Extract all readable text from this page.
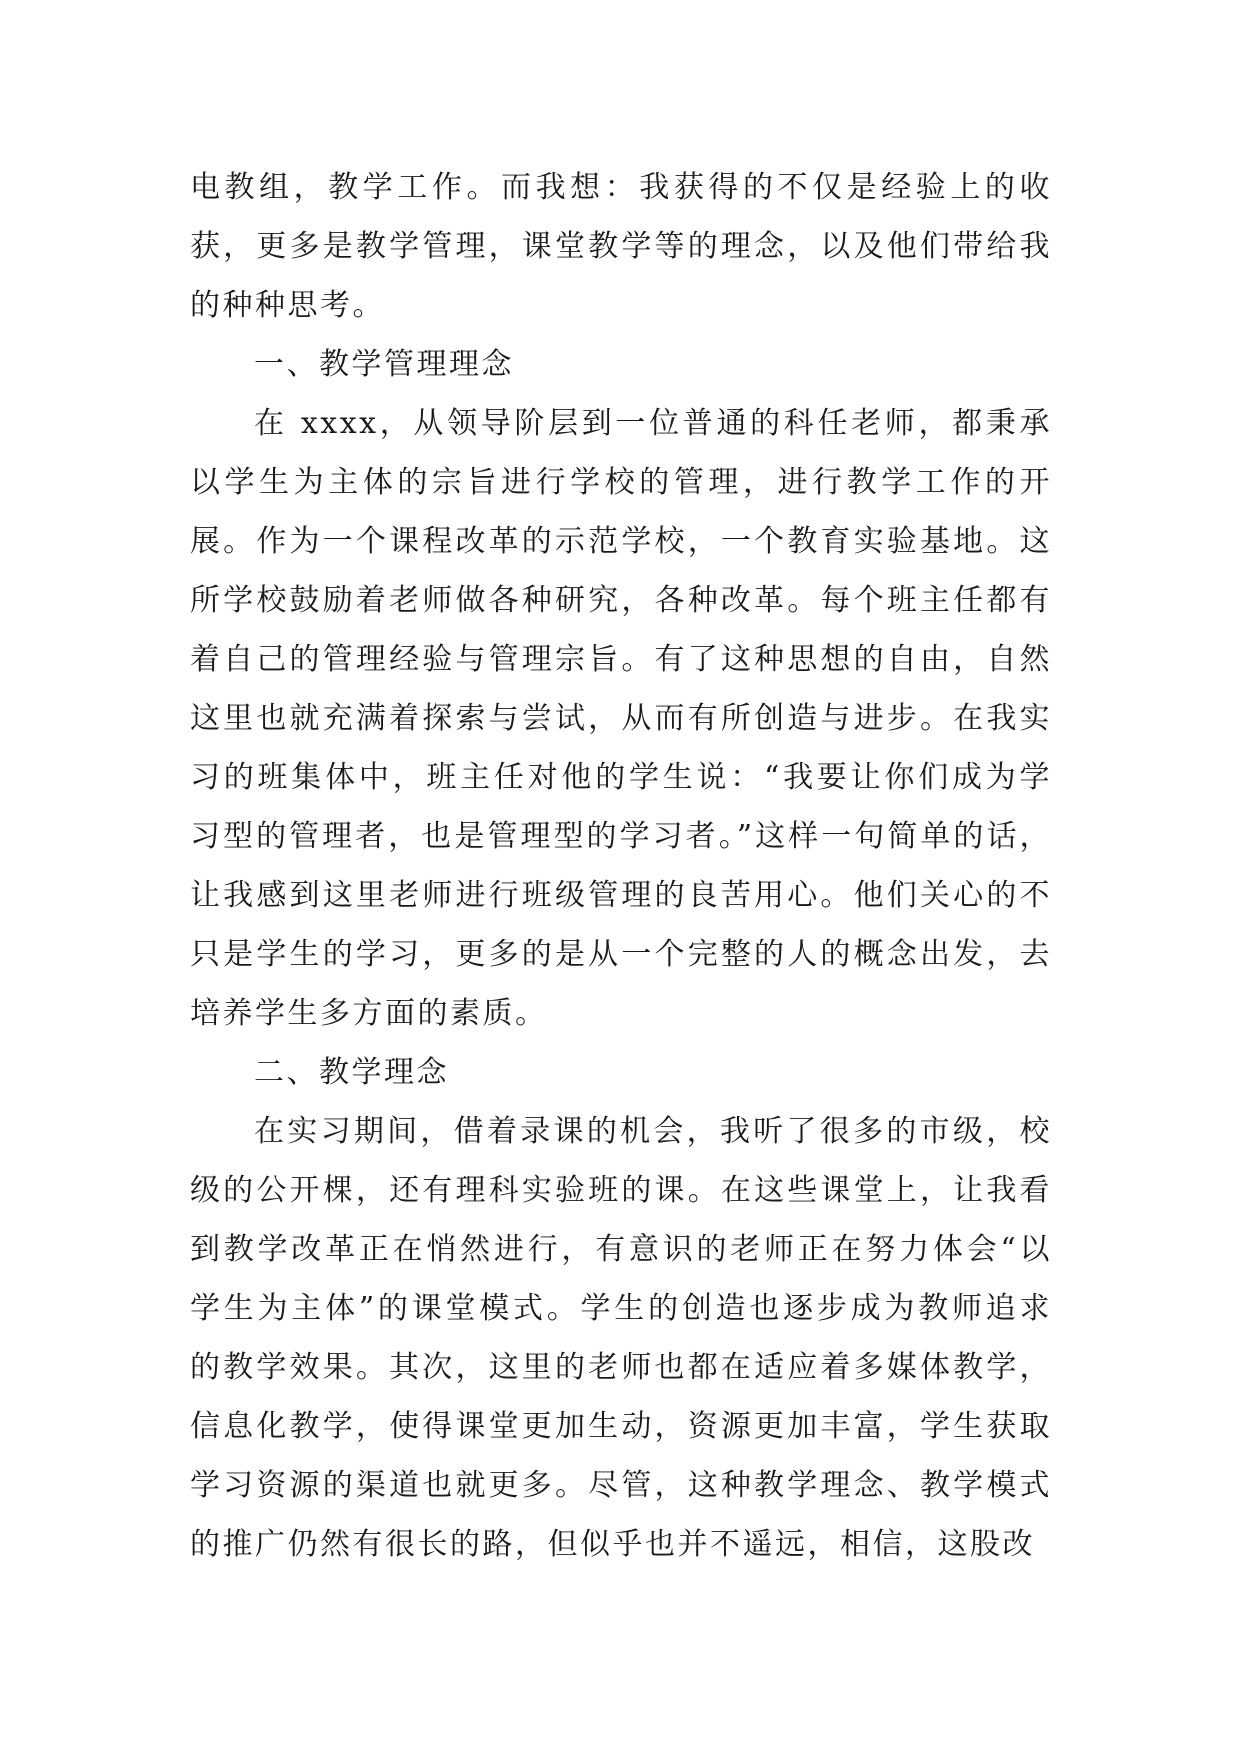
电教组，教学工作。而我想：我获得的不仅是经验上的收获，更多是教学管理，课堂教学等的理念，以及他们带给我的种种思考。

一、教学管理理念

在 xxxx，从领导阶层到一位普通的科任老师，都秉承以学生为主体的宗旨进行学校的管理，进行教学工作的开展。作为一个课程改革的示范学校，一个教育实验基地。这所学校鼓励着老师做各种研究，各种改革。每个班主任都有着自己的管理经验与管理宗旨。有了这种思想的自由，自然这里也就充满着探索与尝试，从而有所创造与进步。在我实习的班集体中，班主任对他的学生说：“我要让你们成为学习型的管理者，也是管理型的学习者。”这样一句简单的话，让我感到这里老师进行班级管理的良苦用心。他们关心的不只是学生的学习，更多的是从一个完整的人的概念出发，去培养学生多方面的素质。

二、教学理念

在实习期间，借着录课的机会，我听了很多的市级，校级的公开棵，还有理科实验班的课。在这些课堂上，让我看到教学改革正在悄然进行，有意识的老师正在努力体会“以学生为主体”的课堂模式。学生的创造也逐步成为教师追求的教学效果。其次，这里的老师也都在适应着多媒体教学，信息化教学，使得课堂更加生动，资源更加丰富，学生获取学习资源的渠道也就更多。尽管，这种教学理念、教学模式的推广仍然有很长的路，但似乎也并不遥远，相信，这股改
